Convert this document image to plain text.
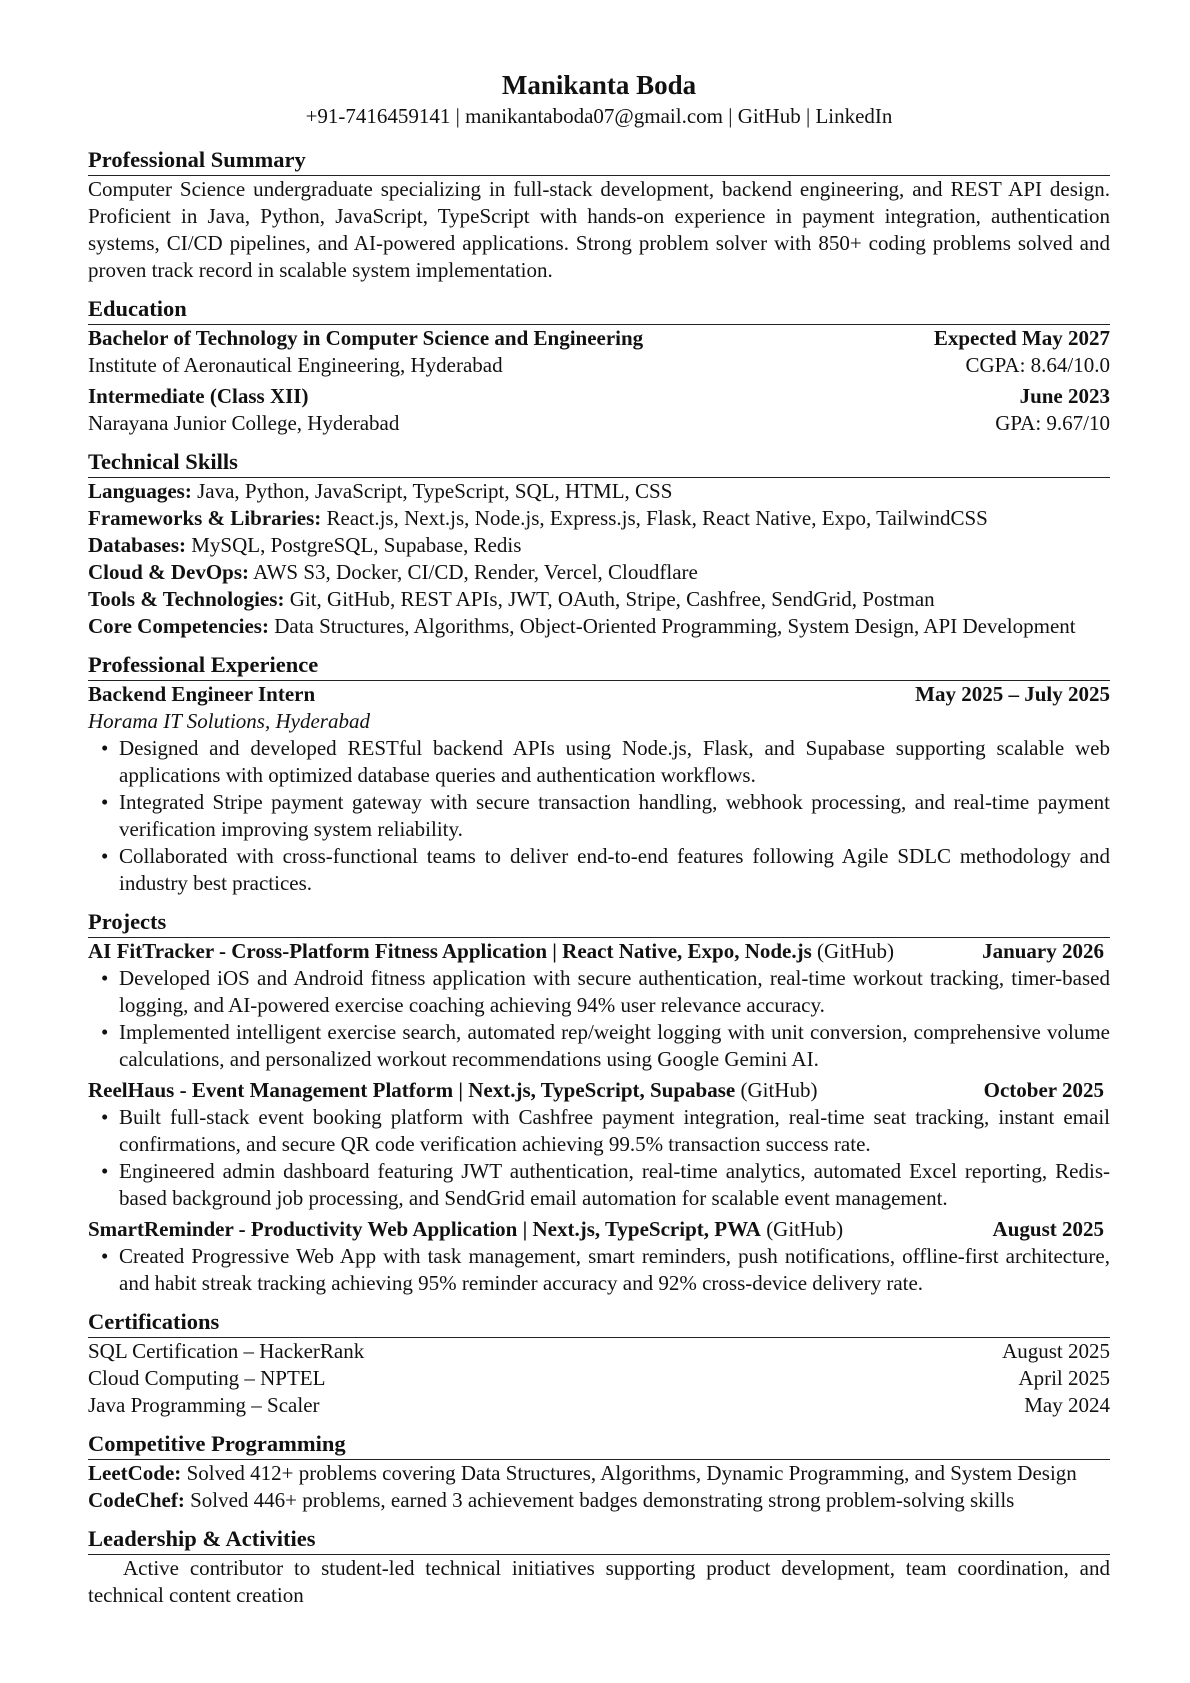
Manikanta Boda
+91-7416459141 | manikantaboda07@gmail.com | GitHub | LinkedIn
Professional Summary
Computer Science undergraduate specializing in full-stack development, backend engineering, and REST API design. Proficient in Java, Python, JavaScript, TypeScript with hands-on experience in payment integration, authentication systems, CI/CD pipelines, and AI-powered applications. Strong problem solver with 850+ coding problems solved and proven track record in scalable system implementation.
Education
Bachelor of Technology in Computer Science and Engineering	Expected May 2027
Institute of Aeronautical Engineering, Hyderabad	CGPA: 8.64/10.0
Intermediate (Class XII)	June 2023
Narayana Junior College, Hyderabad	GPA: 9.67/10
Technical Skills
Languages: Java, Python, JavaScript, TypeScript, SQL, HTML, CSS
Frameworks & Libraries: React.js, Next.js, Node.js, Express.js, Flask, React Native, Expo, TailwindCSS
Databases: MySQL, PostgreSQL, Supabase, Redis
Cloud & DevOps: AWS S3, Docker, CI/CD, Render, Vercel, Cloudflare
Tools & Technologies: Git, GitHub, REST APIs, JWT, OAuth, Stripe, Cashfree, SendGrid, Postman
Core Competencies: Data Structures, Algorithms, Object-Oriented Programming, System Design, API Development
Professional Experience
Backend Engineer Intern	May 2025 – July 2025
Horama IT Solutions, Hyderabad
• Designed and developed RESTful backend APIs using Node.js, Flask, and Supabase supporting scalable web applications with optimized database queries and authentication workflows.
• Integrated Stripe payment gateway with secure transaction handling, webhook processing, and real-time payment verification improving system reliability.
• Collaborated with cross-functional teams to deliver end-to-end features following Agile SDLC methodology and industry best practices.
Projects
AI FitTracker - Cross-Platform Fitness Application | React Native, Expo, Node.js (GitHub)	January 2026
• Developed iOS and Android fitness application with secure authentication, real-time workout tracking, timer-based logging, and AI-powered exercise coaching achieving 94% user relevance accuracy.
• Implemented intelligent exercise search, automated rep/weight logging with unit conversion, comprehensive volume calculations, and personalized workout recommendations using Google Gemini AI.
ReelHaus - Event Management Platform | Next.js, TypeScript, Supabase (GitHub)	October 2025
• Built full-stack event booking platform with Cashfree payment integration, real-time seat tracking, instant email confirmations, and secure QR code verification achieving 99.5% transaction success rate.
• Engineered admin dashboard featuring JWT authentication, real-time analytics, automated Excel reporting, Redis-based background job processing, and SendGrid email automation for scalable event management.
SmartReminder - Productivity Web Application | Next.js, TypeScript, PWA (GitHub)	August 2025
• Created Progressive Web App with task management, smart reminders, push notifications, offline-first architecture, and habit streak tracking achieving 95% reminder accuracy and 92% cross-device delivery rate.
Certifications
SQL Certification – HackerRank	August 2025
Cloud Computing – NPTEL	April 2025
Java Programming – Scaler	May 2024
Competitive Programming
LeetCode: Solved 412+ problems covering Data Structures, Algorithms, Dynamic Programming, and System Design
CodeChef: Solved 446+ problems, earned 3 achievement badges demonstrating strong problem-solving skills
Leadership & Activities
Active contributor to student-led technical initiatives supporting product development, team coordination, and technical content creation
